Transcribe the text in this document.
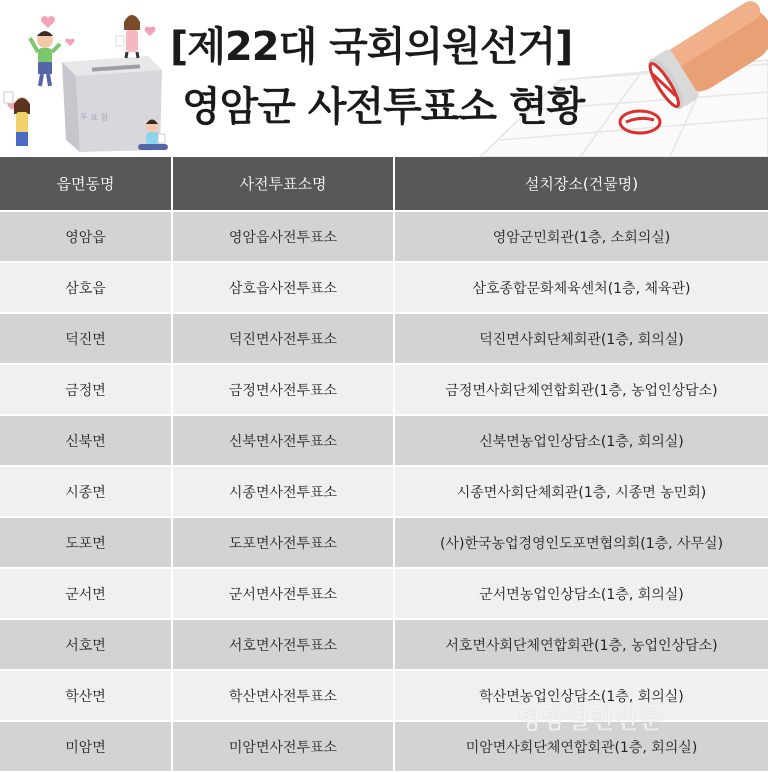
투 표 함
[제22대 국회의원선거]
영암군 사전투표소 현황
읍면동명	사전투표소명	설치장소(건물명)
영암읍	영암읍사전투표소	영암군민회관(1층, 소회의실)
삼호읍	삼호읍사전투표소	삼호종합문화체육센처(1층, 체육관)
덕진면	덕진면사전투표소	덕진면사회단체회관(1층, 회의실)
금정면	금정면사전투표소	금정면사회단체연합회관(1층, 농업인상담소)
신북면	신북면사전투표소	신북면농업인상담소(1층, 회의실)
시종면	시종면사전투표소	시종면사회단체회관(1층, 시종면 농민회)
도포면	도포면사전투표소	(사)한국농업경영인도포면협의회(1층, 사무실)
군서면	군서면사전투표소	군서면농업인상담소(1층, 회의실)
서호면	서호면사전투표소	서호면사회단체연합회관(1층, 농업인상담소)
학산면	학산면사전투표소	학산면농업인상담소(1층, 회의실)
미암면	미암면사전투표소	미암면사회단체연합회관(1층, 회의실)
영암열린신문
